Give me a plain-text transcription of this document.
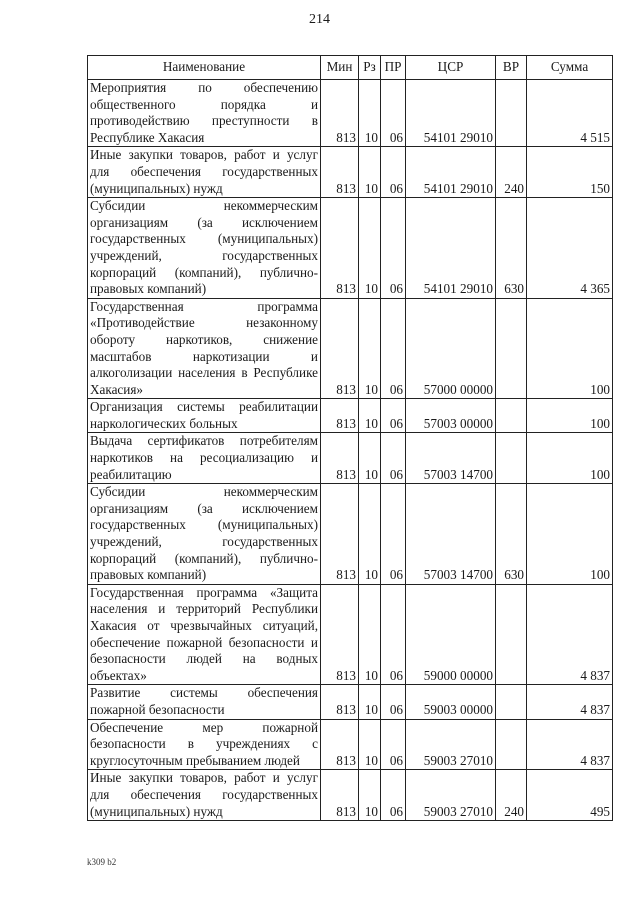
214
Наименование	Мин	Рз	ПР	ЦСР	ВР	Сумма
Мероприятия по обеспечению общественного порядка и противодействию преступности в Республике Хакасия	813	10	06	54101 29010		4 515
Иные закупки товаров, работ и услуг для обеспечения государственных (муниципальных) нужд	813	10	06	54101 29010	240	150
Субсидии некоммерческим организациям (за исключением государственных (муниципальных) учреждений, государственных корпораций (компаний), публично-правовых компаний)	813	10	06	54101 29010	630	4 365
Государственная программа «Противодействие незаконному обороту наркотиков, снижение масштабов наркотизации и алкоголизации населения в Республике Хакасия»	813	10	06	57000 00000		100
Организация системы реабилитации наркологических больных	813	10	06	57003 00000		100
Выдача сертификатов потребителям наркотиков на ресоциализацию и реабилитацию	813	10	06	57003 14700		100
Субсидии некоммерческим организациям (за исключением государственных (муниципальных) учреждений, государственных корпораций (компаний), публично-правовых компаний)	813	10	06	57003 14700	630	100
Государственная программа «Защита населения и территорий Республики Хакасия от чрезвычайных ситуаций, обеспечение пожарной безопасности и безопасности людей на водных объектах»	813	10	06	59000 00000		4 837
Развитие системы обеспечения пожарной безопасности	813	10	06	59003 00000		4 837
Обеспечение мер пожарной безопасности в учреждениях с круглосуточным пребыванием людей	813	10	06	59003 27010		4 837
Иные закупки товаров, работ и услуг для обеспечения государственных (муниципальных) нужд	813	10	06	59003 27010	240	495
k309 b2
